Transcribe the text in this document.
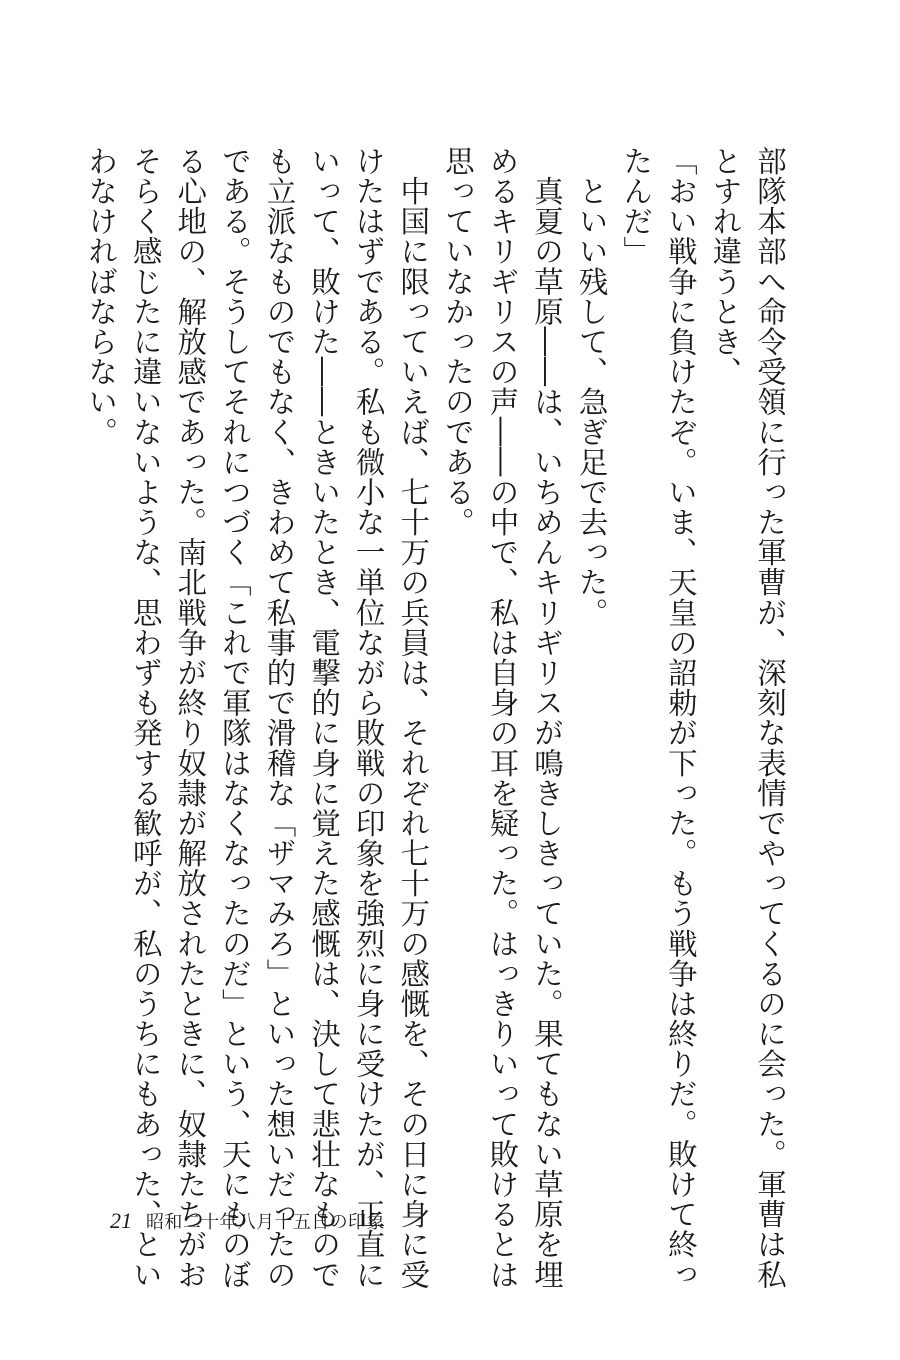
部隊本部へ命令受領に行った軍曹が、深刻な表情でやってくるのに会った。軍曹は私
とすれ違うとき、
「おい戦争に負けたぞ。いま、天皇の詔勅が下った。もう戦争は終りだ。敗けて終っ
たんだ」
　といい残して、急ぎ足で去った。
　真夏の草原――は、いちめんキリギリスが鳴きしきっていた。果てもない草原を埋
めるキリギリスの声――の中で、私は自身の耳を疑った。はっきりいって敗けるとは
思っていなかったのである。
　中国に限っていえば、七十万の兵員は、それぞれ七十万の感慨を、その日に身に受
けたはずである。私も微小な一単位ながら敗戦の印象を強烈に身に受けたが、正直に
いって、敗けた――ときいたとき、電撃的に身に覚えた感慨は、決して悲壮なもので
も立派なものでもなく、きわめて私事的で滑稽な「ザマみろ」といった想いだったの
である。そうしてそれにつづく「これで軍隊はなくなったのだ」という、天にものぼ
る心地の、解放感であった。南北戦争が終り奴隷が解放されたときに、奴隷たちがお
そらく感じたに違いないような、思わずも発する歓呼が、私のうちにもあった、とい
わなければならない。
21 昭和二十年八月十五日の印象
